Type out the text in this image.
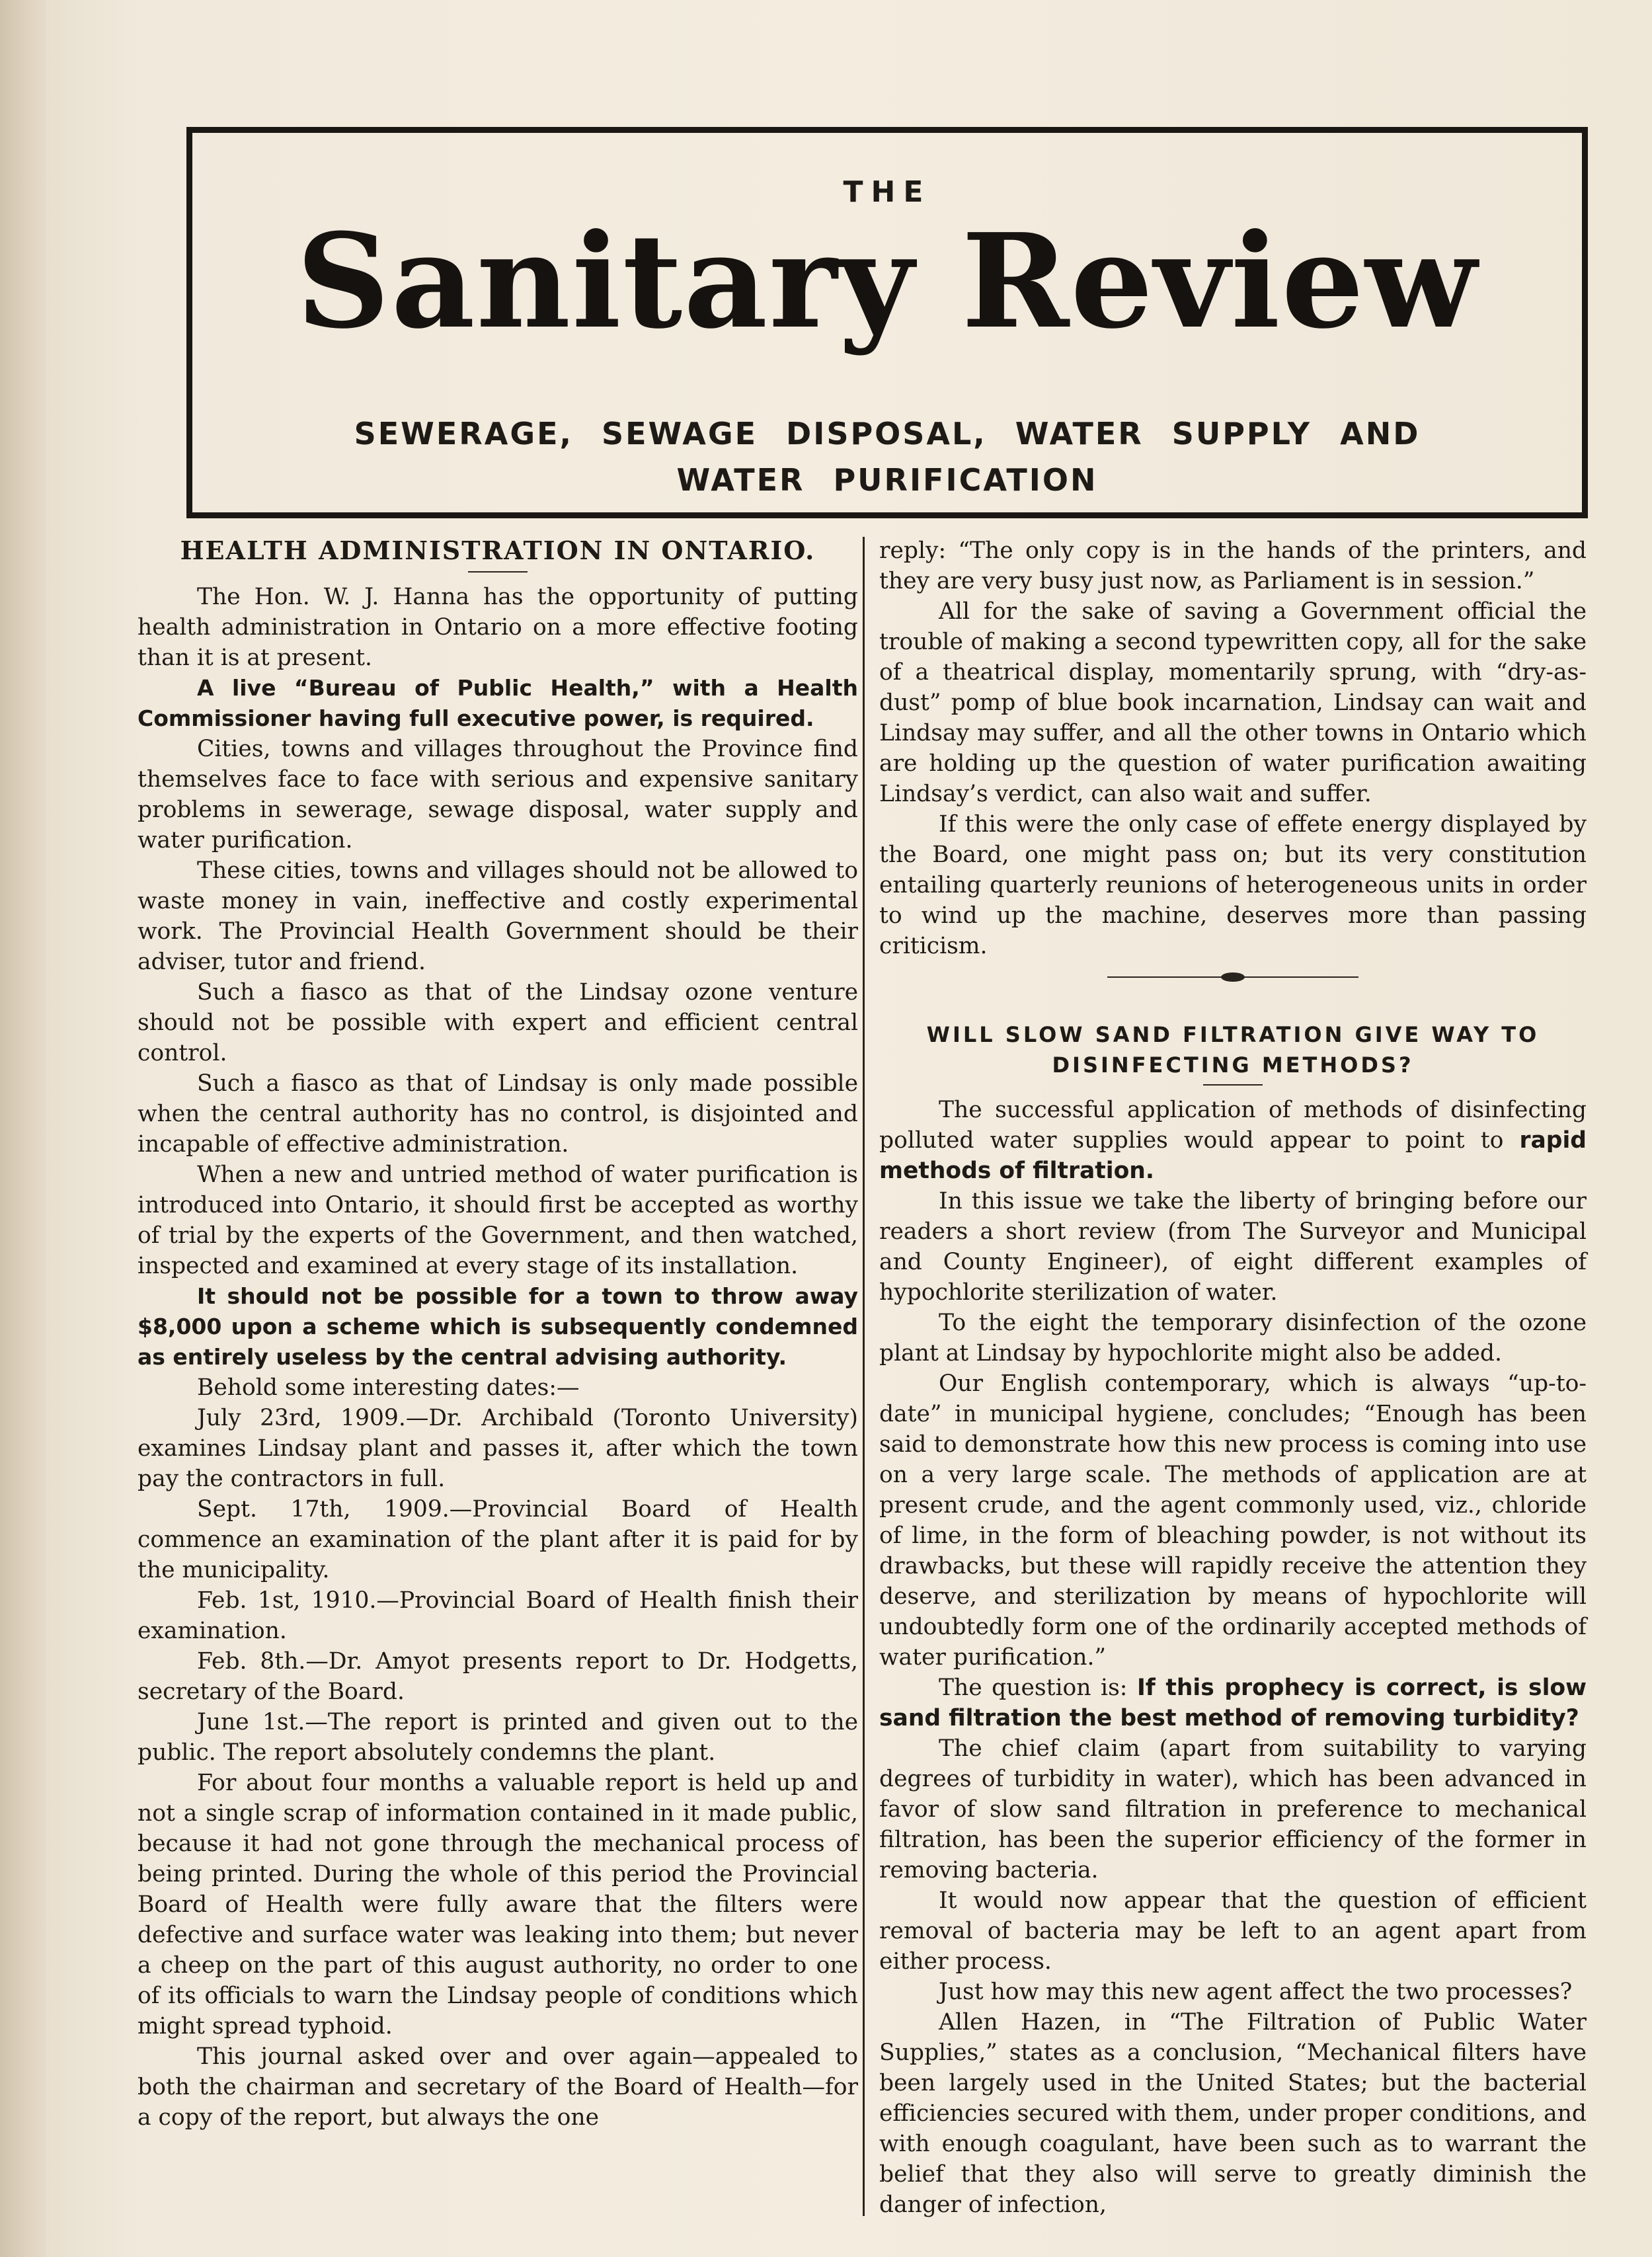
THE
Sanitary Review
SEWERAGE, SEWAGE DISPOSAL, WATER SUPPLY AND
WATER PURIFICATION
HEALTH ADMINISTRATION IN ONTARIO.

The Hon. W. J. Hanna has the opportunity of putting health administration in Ontario on a more effective footing than it is at present.

A live “Bureau of Public Health,” with a Health Commissioner having full executive power, is required.

Cities, towns and villages throughout the Province find themselves face to face with serious and expensive sanitary problems in sewerage, sewage disposal, water supply and water purification.

These cities, towns and villages should not be allowed to waste money in vain, ineffective and costly experimental work. The Provincial Health Government should be their adviser, tutor and friend.

Such a fiasco as that of the Lindsay ozone venture should not be possible with expert and efficient central control.

Such a fiasco as that of Lindsay is only made possible when the central authority has no control, is disjointed and incapable of effective administration.

When a new and untried method of water purification is introduced into Ontario, it should first be accepted as worthy of trial by the experts of the Government, and then watched, inspected and examined at every stage of its installation.

It should not be possible for a town to throw away $8,000 upon a scheme which is subsequently condemned as entirely useless by the central advising authority.

Behold some interesting dates:—

July 23rd, 1909.—Dr. Archibald (Toronto University) examines Lindsay plant and passes it, after which the town pay the contractors in full.

Sept. 17th, 1909.—Provincial Board of Health commence an examination of the plant after it is paid for by the municipality.

Feb. 1st, 1910.—Provincial Board of Health finish their examination.

Feb. 8th.—Dr. Amyot presents report to Dr. Hodgetts, secretary of the Board.

June 1st.—The report is printed and given out to the public. The report absolutely condemns the plant.

For about four months a valuable report is held up and not a single scrap of information contained in it made public, because it had not gone through the mechanical process of being printed. During the whole of this period the Provincial Board of Health were fully aware that the filters were defective and surface water was leaking into them; but never a cheep on the part of this august authority, no order to one of its officials to warn the Lindsay people of conditions which might spread typhoid.

This journal asked over and over again—appealed to both the chairman and secretary of the Board of Health—for a copy of the report, but always the one

reply: “The only copy is in the hands of the printers, and they are very busy just now, as Parliament is in session.”

All for the sake of saving a Government official the trouble of making a second typewritten copy, all for the sake of a theatrical display, momentarily sprung, with “dry-as-dust” pomp of blue book incarnation, Lindsay can wait and Lindsay may suffer, and all the other towns in Ontario which are holding up the question of water purification awaiting Lindsay’s verdict, can also wait and suffer.

If this were the only case of effete energy displayed by the Board, one might pass on; but its very constitution entailing quarterly reunions of heterogeneous units in order to wind up the machine, deserves more than passing criticism.

WILL SLOW SAND FILTRATION GIVE WAY TO DISINFECTING METHODS?

The successful application of methods of disinfecting polluted water supplies would appear to point to rapid methods of filtration.

In this issue we take the liberty of bringing before our readers a short review (from The Surveyor and Municipal and County Engineer), of eight different examples of hypochlorite sterilization of water.

To the eight the temporary disinfection of the ozone plant at Lindsay by hypochlorite might also be added.

Our English contemporary, which is always “up-to-date” in municipal hygiene, concludes; “Enough has been said to demonstrate how this new process is coming into use on a very large scale. The methods of application are at present crude, and the agent commonly used, viz., chloride of lime, in the form of bleaching powder, is not without its drawbacks, but these will rapidly receive the attention they deserve, and sterilization by means of hypochlorite will undoubtedly form one of the ordinarily accepted methods of water purification.”

The question is: If this prophecy is correct, is slow sand filtration the best method of removing turbidity?

The chief claim (apart from suitability to varying degrees of turbidity in water), which has been advanced in favor of slow sand filtration in preference to mechanical filtration, has been the superior efficiency of the former in removing bacteria.

It would now appear that the question of efficient removal of bacteria may be left to an agent apart from either process.

Just how may this new agent affect the two processes?

Allen Hazen, in “The Filtration of Public Water Supplies,” states as a conclusion, “Mechanical filters have been largely used in the United States; but the bacterial efficiencies secured with them, under proper conditions, and with enough coagulant, have been such as to warrant the belief that they also will serve to greatly diminish the danger of infection,
